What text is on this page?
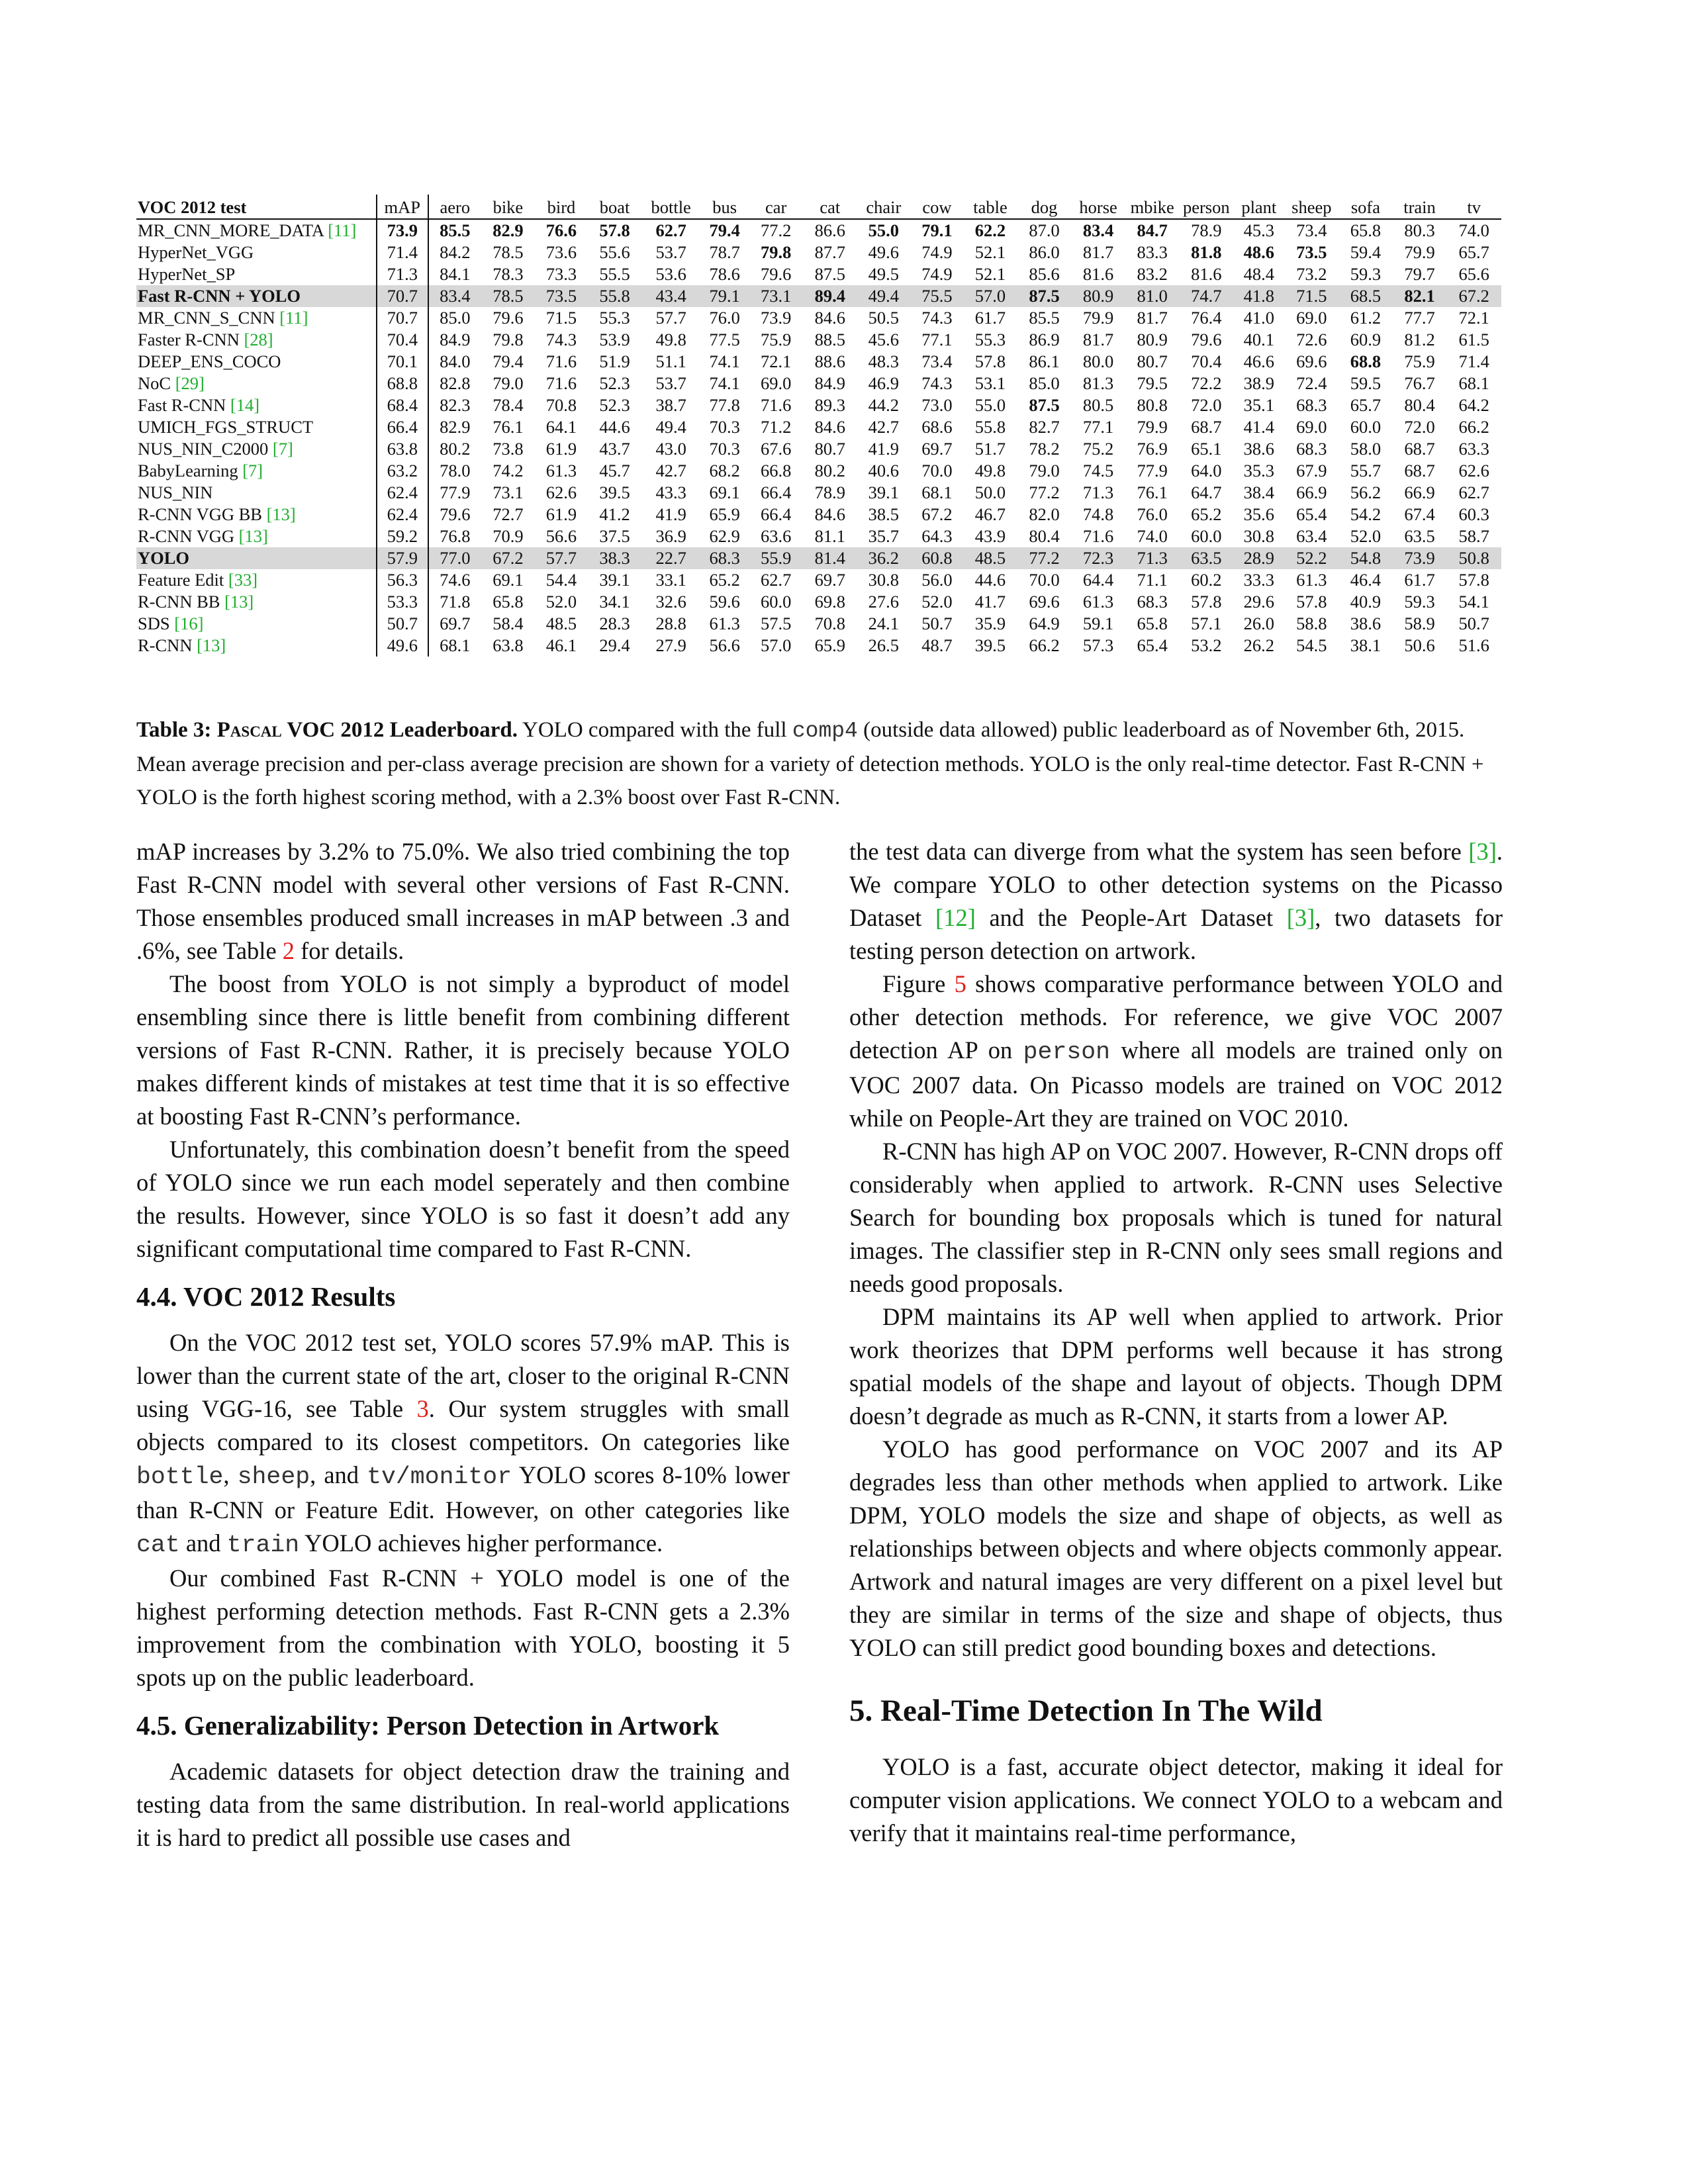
VOC 2012 test	mAP	aero	bike	bird	boat	bottle	bus	car	cat	chair	cow	table	dog	horse	mbike	person	plant	sheep	sofa	train	tv
MR_CNN_MORE_DATA [11]	73.9	85.5	82.9	76.6	57.8	62.7	79.4	77.2	86.6	55.0	79.1	62.2	87.0	83.4	84.7	78.9	45.3	73.4	65.8	80.3	74.0
HyperNet_VGG	71.4	84.2	78.5	73.6	55.6	53.7	78.7	79.8	87.7	49.6	74.9	52.1	86.0	81.7	83.3	81.8	48.6	73.5	59.4	79.9	65.7
HyperNet_SP	71.3	84.1	78.3	73.3	55.5	53.6	78.6	79.6	87.5	49.5	74.9	52.1	85.6	81.6	83.2	81.6	48.4	73.2	59.3	79.7	65.6
Fast R-CNN + YOLO	70.7	83.4	78.5	73.5	55.8	43.4	79.1	73.1	89.4	49.4	75.5	57.0	87.5	80.9	81.0	74.7	41.8	71.5	68.5	82.1	67.2
MR_CNN_S_CNN [11]	70.7	85.0	79.6	71.5	55.3	57.7	76.0	73.9	84.6	50.5	74.3	61.7	85.5	79.9	81.7	76.4	41.0	69.0	61.2	77.7	72.1
Faster R-CNN [28]	70.4	84.9	79.8	74.3	53.9	49.8	77.5	75.9	88.5	45.6	77.1	55.3	86.9	81.7	80.9	79.6	40.1	72.6	60.9	81.2	61.5
DEEP_ENS_COCO	70.1	84.0	79.4	71.6	51.9	51.1	74.1	72.1	88.6	48.3	73.4	57.8	86.1	80.0	80.7	70.4	46.6	69.6	68.8	75.9	71.4
NoC [29]	68.8	82.8	79.0	71.6	52.3	53.7	74.1	69.0	84.9	46.9	74.3	53.1	85.0	81.3	79.5	72.2	38.9	72.4	59.5	76.7	68.1
Fast R-CNN [14]	68.4	82.3	78.4	70.8	52.3	38.7	77.8	71.6	89.3	44.2	73.0	55.0	87.5	80.5	80.8	72.0	35.1	68.3	65.7	80.4	64.2
UMICH_FGS_STRUCT	66.4	82.9	76.1	64.1	44.6	49.4	70.3	71.2	84.6	42.7	68.6	55.8	82.7	77.1	79.9	68.7	41.4	69.0	60.0	72.0	66.2
NUS_NIN_C2000 [7]	63.8	80.2	73.8	61.9	43.7	43.0	70.3	67.6	80.7	41.9	69.7	51.7	78.2	75.2	76.9	65.1	38.6	68.3	58.0	68.7	63.3
BabyLearning [7]	63.2	78.0	74.2	61.3	45.7	42.7	68.2	66.8	80.2	40.6	70.0	49.8	79.0	74.5	77.9	64.0	35.3	67.9	55.7	68.7	62.6
NUS_NIN	62.4	77.9	73.1	62.6	39.5	43.3	69.1	66.4	78.9	39.1	68.1	50.0	77.2	71.3	76.1	64.7	38.4	66.9	56.2	66.9	62.7
R-CNN VGG BB [13]	62.4	79.6	72.7	61.9	41.2	41.9	65.9	66.4	84.6	38.5	67.2	46.7	82.0	74.8	76.0	65.2	35.6	65.4	54.2	67.4	60.3
R-CNN VGG [13]	59.2	76.8	70.9	56.6	37.5	36.9	62.9	63.6	81.1	35.7	64.3	43.9	80.4	71.6	74.0	60.0	30.8	63.4	52.0	63.5	58.7
YOLO	57.9	77.0	67.2	57.7	38.3	22.7	68.3	55.9	81.4	36.2	60.8	48.5	77.2	72.3	71.3	63.5	28.9	52.2	54.8	73.9	50.8
Feature Edit [33]	56.3	74.6	69.1	54.4	39.1	33.1	65.2	62.7	69.7	30.8	56.0	44.6	70.0	64.4	71.1	60.2	33.3	61.3	46.4	61.7	57.8
R-CNN BB [13]	53.3	71.8	65.8	52.0	34.1	32.6	59.6	60.0	69.8	27.6	52.0	41.7	69.6	61.3	68.3	57.8	29.6	57.8	40.9	59.3	54.1
SDS [16]	50.7	69.7	58.4	48.5	28.3	28.8	61.3	57.5	70.8	24.1	50.7	35.9	64.9	59.1	65.8	57.1	26.0	58.8	38.6	58.9	50.7
R-CNN [13]	49.6	68.1	63.8	46.1	29.4	27.9	56.6	57.0	65.9	26.5	48.7	39.5	66.2	57.3	65.4	53.2	26.2	54.5	38.1	50.6	51.6
Table 3: Pascal VOC 2012 Leaderboard. YOLO compared with the full comp4 (outside data allowed) public leaderboard as of November 6th, 2015. Mean average precision and per-class average precision are shown for a variety of detection methods. YOLO is the only real-time detector. Fast R-CNN + YOLO is the forth highest scoring method, with a 2.3% boost over Fast R-CNN.

mAP increases by 3.2% to 75.0%. We also tried combining the top Fast R-CNN model with several other versions of Fast R-CNN. Those ensembles produced small increases in mAP between .3 and .6%, see Table 2 for details.

The boost from YOLO is not simply a byproduct of model ensembling since there is little benefit from combining different versions of Fast R-CNN. Rather, it is precisely because YOLO makes different kinds of mistakes at test time that it is so effective at boosting Fast R-CNN’s performance.

Unfortunately, this combination doesn’t benefit from the speed of YOLO since we run each model seperately and then combine the results. However, since YOLO is so fast it doesn’t add any significant computational time compared to Fast R-CNN.

4.4. VOC 2012 Results

On the VOC 2012 test set, YOLO scores 57.9% mAP. This is lower than the current state of the art, closer to the original R-CNN using VGG-16, see Table 3. Our system struggles with small objects compared to its closest competitors. On categories like bottle, sheep, and tv/monitor YOLO scores 8-10% lower than R-CNN or Feature Edit. However, on other categories like cat and train YOLO achieves higher performance.

Our combined Fast R-CNN + YOLO model is one of the highest performing detection methods. Fast R-CNN gets a 2.3% improvement from the combination with YOLO, boosting it 5 spots up on the public leaderboard.

4.5. Generalizability: Person Detection in Artwork

Academic datasets for object detection draw the training and testing data from the same distribution. In real-world applications it is hard to predict all possible use cases and

the test data can diverge from what the system has seen before [3]. We compare YOLO to other detection systems on the Picasso Dataset [12] and the People-Art Dataset [3], two datasets for testing person detection on artwork.

Figure 5 shows comparative performance between YOLO and other detection methods. For reference, we give VOC 2007 detection AP on person where all models are trained only on VOC 2007 data. On Picasso models are trained on VOC 2012 while on People-Art they are trained on VOC 2010.

R-CNN has high AP on VOC 2007. However, R-CNN drops off considerably when applied to artwork. R-CNN uses Selective Search for bounding box proposals which is tuned for natural images. The classifier step in R-CNN only sees small regions and needs good proposals.

DPM maintains its AP well when applied to artwork. Prior work theorizes that DPM performs well because it has strong spatial models of the shape and layout of objects. Though DPM doesn’t degrade as much as R-CNN, it starts from a lower AP.

YOLO has good performance on VOC 2007 and its AP degrades less than other methods when applied to artwork. Like DPM, YOLO models the size and shape of objects, as well as relationships between objects and where objects commonly appear. Artwork and natural images are very different on a pixel level but they are similar in terms of the size and shape of objects, thus YOLO can still predict good bounding boxes and detections.

5. Real-Time Detection In The Wild

YOLO is a fast, accurate object detector, making it ideal for computer vision applications. We connect YOLO to a webcam and verify that it maintains real-time performance,
